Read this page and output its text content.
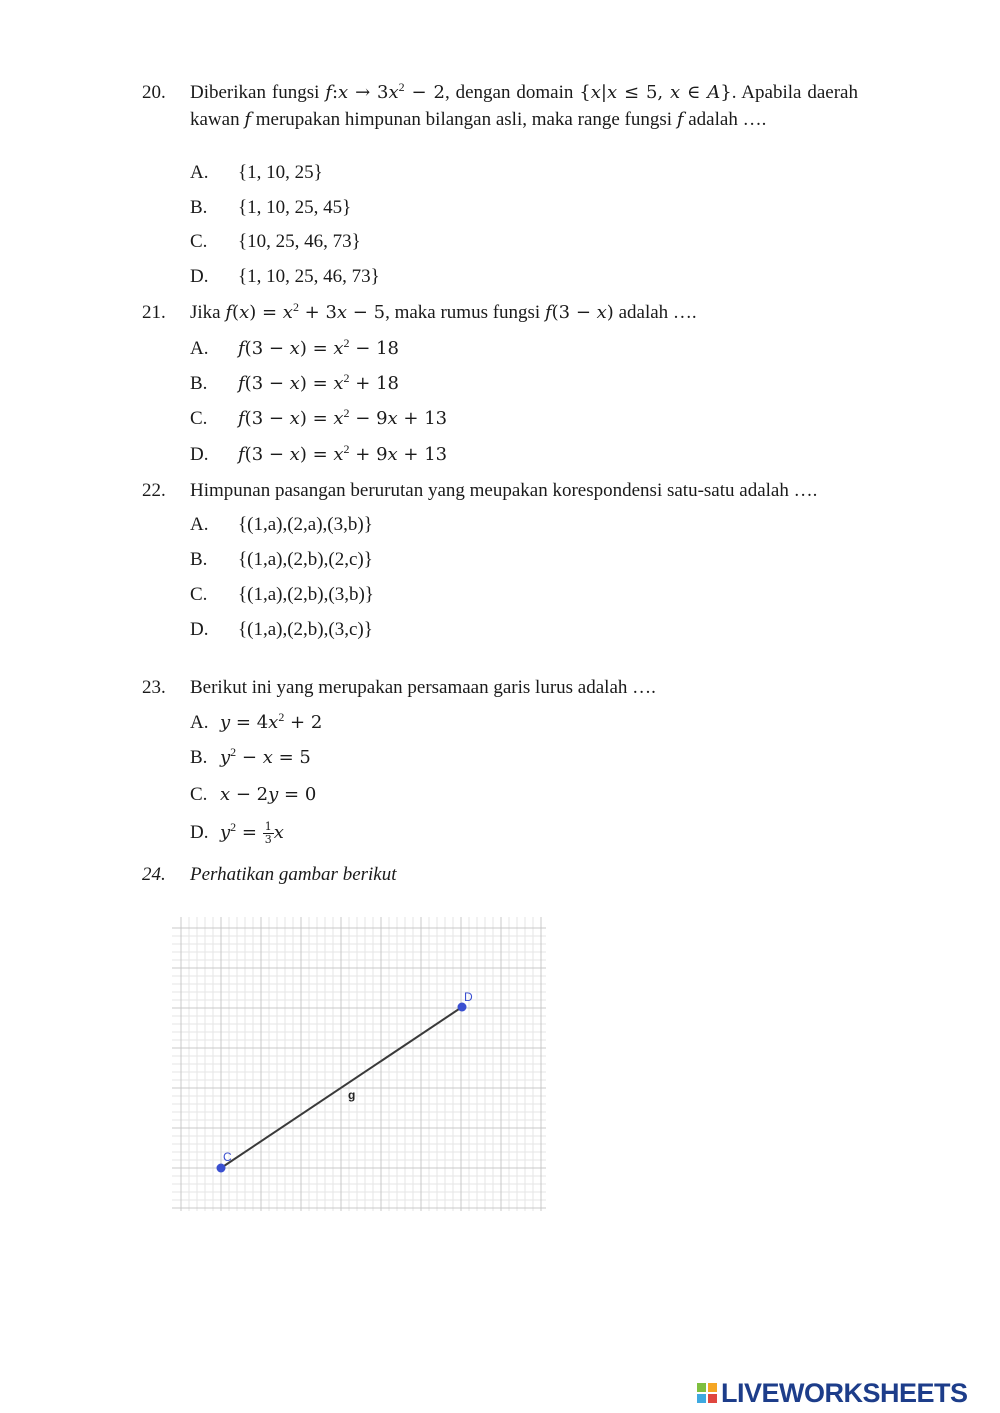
20. Diberikan fungsi f:x → $3x^2 - 2$, dengan domain {x|x ≤ 5, x ∈ A}. Apabila daerah kawan f merupakan himpunan bilangan asli, maka range fungsi f adalah ….
A. {1, 10, 25}
B. {1, 10, 25, 45}
C. {10, 25, 46, 73}
D. {1, 10, 25, 46, 73}
21. Jika $f(x) = x^2 + 3x - 5$, maka rumus fungsi f(3 − x) adalah ….
A. $f(3 - x) = x^2 - 18$
B. $f(3 - x) = x^2 + 18$
C. $f(3 - x) = x^2 - 9x + 13$
D. $f(3 - x) = x^2 + 9x + 13$
22. Himpunan pasangan berurutan yang meupakan korespondensi satu-satu adalah ….
A. {(1,a),(2,a),(3,b)}
B. {(1,a),(2,b),(2,c)}
C. {(1,a),(2,b),(3,b)}
D. {(1,a),(2,b),(3,c)}
23. Berikut ini yang merupakan persamaan garis lurus adalah ….
A. $y = 4x^2 + 2$
B. $y^2 - x = 5$
C. x − 2y = 0
D. $y^2 = \frac{1}{3}$ x
24. Perhatikan gambar berikut
C
D
g
LIVEWORKSHEETS
